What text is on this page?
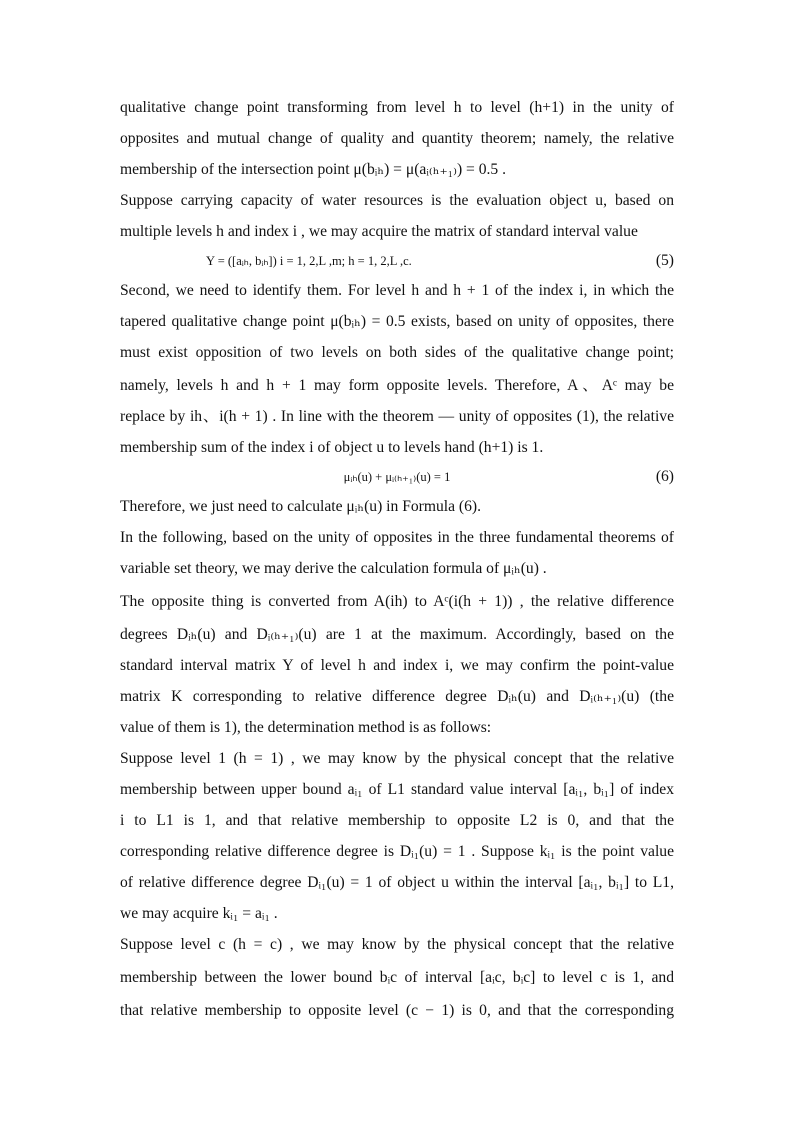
qualitative change point transforming from level h to level (h+1) in the unity of
opposites and mutual change of quality and quantity theorem; namely, the relative
membership of the intersection point μ(bᵢₕ) = μ(aᵢ₍ₕ₊₁₎) = 0.5 .
Suppose carrying capacity of water resources is the evaluation object u, based on
multiple levels h and index i , we may acquire the matrix of standard interval value
Y = ([aᵢₕ, bᵢₕ]) i = 1, 2,L ,m; h = 1, 2,L ,c.	(5)
Second, we need to identify them. For level h and h + 1 of the index i, in which the
tapered qualitative change point μ(bᵢₕ) = 0.5 exists, based on unity of opposites, there
must exist opposition of two levels on both sides of the qualitative change point;
namely, levels h and h + 1 may form opposite levels. Therefore, A、Aᶜ may be
replace by ih、i(h + 1) . In line with the theorem — unity of opposites (1), the relative
membership sum of the index i of object u to levels hand (h+1) is 1.
μᵢₕ(u) + μᵢ₍ₕ₊₁₎(u) = 1	(6)
Therefore, we just need to calculate μᵢₕ(u) in Formula (6).
In the following, based on the unity of opposites in the three fundamental theorems of
variable set theory, we may derive the calculation formula of μᵢₕ(u) .
The opposite thing is converted from A(ih) to Aᶜ(i(h + 1)) , the relative difference
degrees Dᵢₕ(u) and Dᵢ₍ₕ₊₁₎(u) are 1 at the maximum. Accordingly, based on the
standard interval matrix Y of level h and index i, we may confirm the point-value
matrix K corresponding to relative difference degree Dᵢₕ(u) and Dᵢ₍ₕ₊₁₎(u) (the
value of them is 1), the determination method is as follows:
Suppose level 1 (h = 1) , we may know by the physical concept that the relative
membership between upper bound aᵢ₁ of L1 standard value interval [aᵢ₁, bᵢ₁] of index
i to L1 is 1, and that relative membership to opposite L2 is 0, and that the
corresponding relative difference degree is Dᵢ₁(u) = 1 . Suppose kᵢ₁ is the point value
of relative difference degree Dᵢ₁(u) = 1 of object u within the interval [aᵢ₁, bᵢ₁] to L1,
we may acquire kᵢ₁ = aᵢ₁ .
Suppose level c (h = c) , we may know by the physical concept that the relative
membership between the lower bound bᵢc of interval [aᵢc, bᵢc] to level c is 1, and
that relative membership to opposite level (c − 1) is 0, and that the corresponding
